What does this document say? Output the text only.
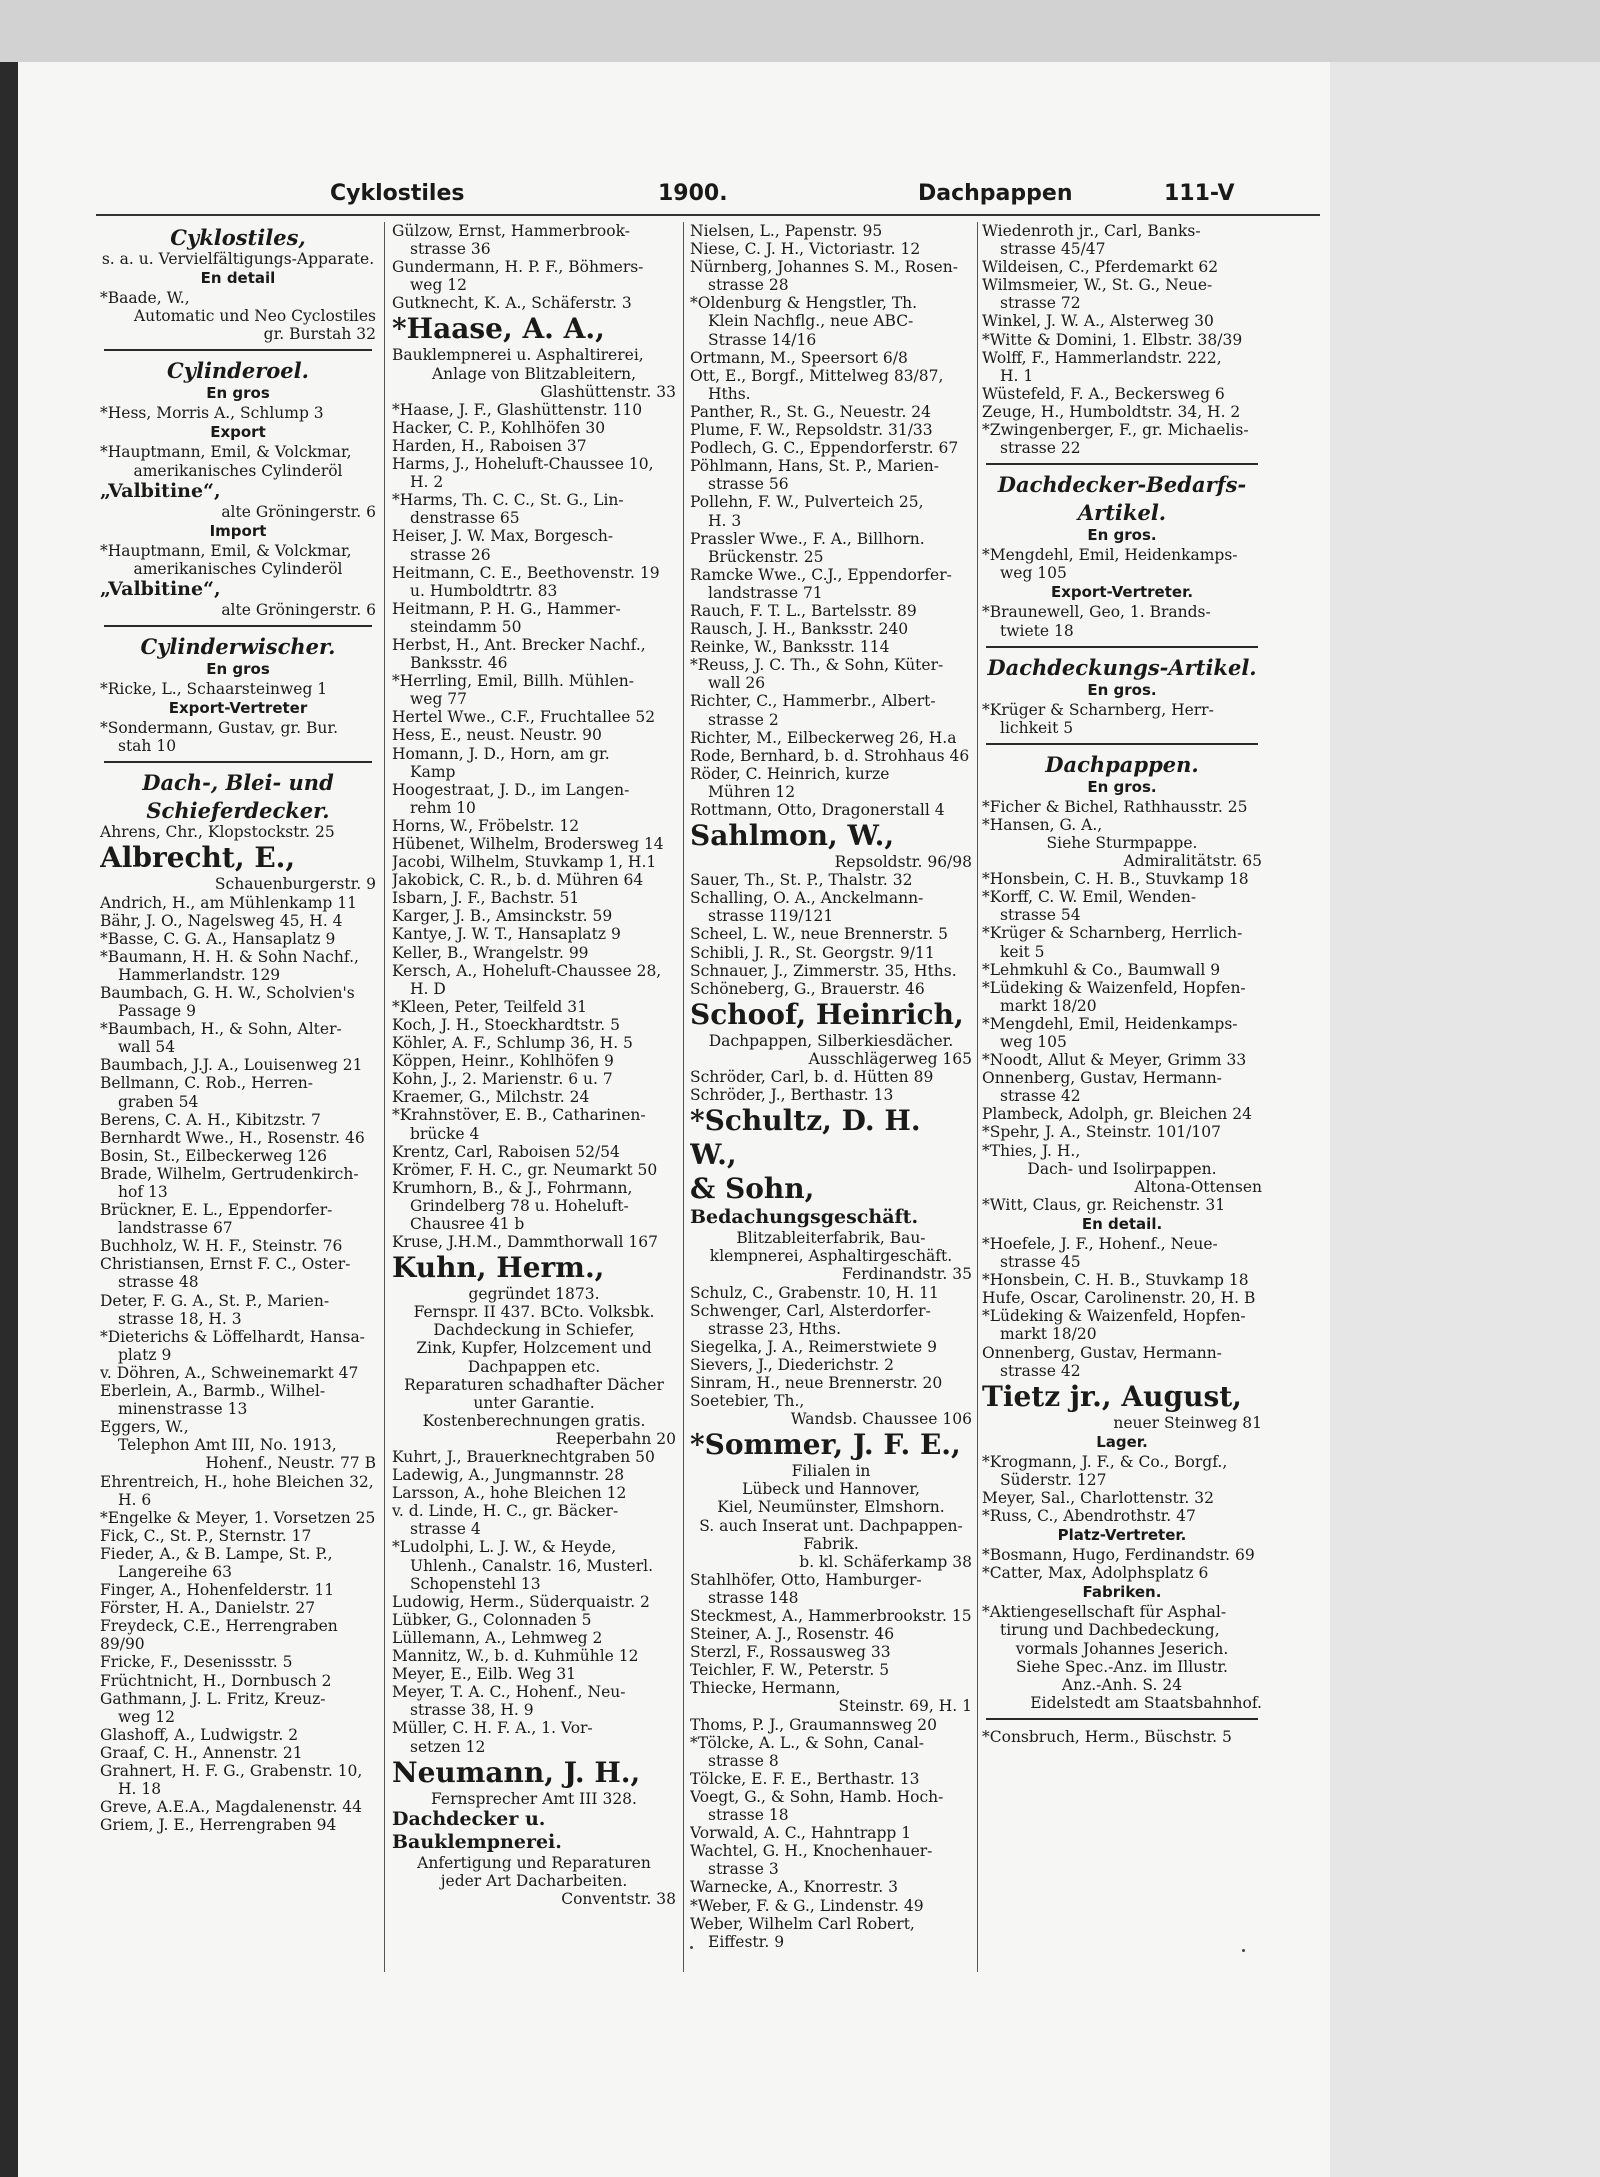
Cyklostiles	1900.	Dachpappen	111-V
Cyklostiles,
s. a. u. Vervielfältigungs-Apparate.
En detail
*Baade, W.,
Automatic und Neo Cyclostiles
gr. Burstah 32
Cylinderoel.
En gros
*Hess, Morris A., Schlump 3
Export
*Hauptmann, Emil, & Volckmar,
amerikanisches Cylinderöl
„Valbitine“,
alte Gröningerstr. 6
Import
*Hauptmann, Emil, & Volckmar,
amerikanisches Cylinderöl
„Valbitine“,
alte Gröningerstr. 6
Cylinderwischer.
En gros
*Ricke, L., Schaarsteinweg 1
Export-Vertreter
*Sondermann, Gustav, gr. Bur.
stah 10
Dach-, Blei- und
Schieferdecker.
Ahrens, Chr., Klopstockstr. 25
Albrecht, E.,
Schauenburgerstr. 9
Andrich, H., am Mühlenkamp 11
Bähr, J. O., Nagelsweg 45, H. 4
*Basse, C. G. A., Hansaplatz 9
*Baumann, H. H. & Sohn Nachf.,
Hammerlandstr. 129
Baumbach, G. H. W., Scholvien's
Passage 9
*Baumbach, H., & Sohn, Alter-
wall 54
Baumbach, J.J. A., Louisenweg 21
Bellmann, C. Rob., Herren-
graben 54
Berens, C. A. H., Kibitzstr. 7
Bernhardt Wwe., H., Rosenstr. 46
Bosin, St., Eilbeckerweg 126
Brade, Wilhelm, Gertrudenkirch-
hof 13
Brückner, E. L., Eppendorfer-
landstrasse 67
Buchholz, W. H. F., Steinstr. 76
Christiansen, Ernst F. C., Oster-
strasse 48
Deter, F. G. A., St. P., Marien-
strasse 18, H. 3
*Dieterichs & Löffelhardt, Hansa-
platz 9
v. Döhren, A., Schweinemarkt 47
Eberlein, A., Barmb., Wilhel-
minenstrasse 13
Eggers, W.,
Telephon Amt III, No. 1913,
Hohenf., Neustr. 77 B
Ehrentreich, H., hohe Bleichen 32,
H. 6
*Engelke & Meyer, 1. Vorsetzen 25
Fick, C., St. P., Sternstr. 17
Fieder, A., & B. Lampe, St. P.,
Langereihe 63
Finger, A., Hohenfelderstr. 11
Förster, H. A., Danielstr. 27
Freydeck, C.E., Herrengraben 89/90
Fricke, F., Desenissstr. 5
Früchtnicht, H., Dornbusch 2
Gathmann, J. L. Fritz, Kreuz-
weg 12
Glashoff, A., Ludwigstr. 2
Graaf, C. H., Annenstr. 21
Grahnert, H. F. G., Grabenstr. 10,
H. 18
Greve, A.E.A., Magdalenenstr. 44
Griem, J. E., Herrengraben 94
Gülzow, Ernst, Hammerbrook-
strasse 36
Gundermann, H. P. F., Böhmers-
weg 12
Gutknecht, K. A., Schäferstr. 3
*Haase, A. A.,
Bauklempnerei u. Asphaltirerei,
Anlage von Blitzableitern,
Glashüttenstr. 33
*Haase, J. F., Glashüttenstr. 110
Hacker, C. P., Kohlhöfen 30
Harden, H., Raboisen 37
Harms, J., Hoheluft-Chaussee 10,
H. 2
*Harms, Th. C. C., St. G., Lin-
denstrasse 65
Heiser, J. W. Max, Borgesch-
strasse 26
Heitmann, C. E., Beethovenstr. 19
u. Humboldtrtr. 83
Heitmann, P. H. G., Hammer-
steindamm 50
Herbst, H., Ant. Brecker Nachf.,
Banksstr. 46
*Herrling, Emil, Billh. Mühlen-
weg 77
Hertel Wwe., C.F., Fruchtallee 52
Hess, E., neust. Neustr. 90
Homann, J. D., Horn, am gr.
Kamp
Hoogestraat, J. D., im Langen-
rehm 10
Horns, W., Fröbelstr. 12
Hübenet, Wilhelm, Brodersweg 14
Jacobi, Wilhelm, Stuvkamp 1, H.1
Jakobick, C. R., b. d. Mühren 64
Isbarn, J. F., Bachstr. 51
Karger, J. B., Amsinckstr. 59
Kantye, J. W. T., Hansaplatz 9
Keller, B., Wrangelstr. 99
Kersch, A., Hoheluft-Chaussee 28,
H. D
*Kleen, Peter, Teilfeld 31
Koch, J. H., Stoeckhardtstr. 5
Köhler, A. F., Schlump 36, H. 5
Köppen, Heinr., Kohlhöfen 9
Kohn, J., 2. Marienstr. 6 u. 7
Kraemer, G., Milchstr. 24
*Krahnstöver, E. B., Catharinen-
brücke 4
Krentz, Carl, Raboisen 52/54
Krömer, F. H. C., gr. Neumarkt 50
Krumhorn, B., & J., Fohrmann,
Grindelberg 78 u. Hoheluft-
Chausree 41 b
Kruse, J.H.M., Dammthorwall 167
Kuhn, Herm.,
gegründet 1873.
Fernspr. II 437. BCto. Volksbk.
Dachdeckung in Schiefer,
Zink, Kupfer, Holzcement und
Dachpappen etc.
Reparaturen schadhafter Dächer
unter Garantie.
Kostenberechnungen gratis.
Reeperbahn 20
Kuhrt, J., Brauerknechtgraben 50
Ladewig, A., Jungmannstr. 28
Larsson, A., hohe Bleichen 12
v. d. Linde, H. C., gr. Bäcker-
strasse 4
*Ludolphi, L. J. W., & Heyde,
Uhlenh., Canalstr. 16, Musterl.
Schopenstehl 13
Ludowig, Herm., Süderquaistr. 2
Lübker, G., Colonnaden 5
Lüllemann, A., Lehmweg 2
Mannitz, W., b. d. Kuhmühle 12
Meyer, E., Eilb. Weg 31
Meyer, T. A. C., Hohenf., Neu-
strasse 38, H. 9
Müller, C. H. F. A., 1. Vor-
setzen 12
Neumann, J. H.,
Fernsprecher Amt III 328.
Dachdecker u.
Bauklempnerei.
Anfertigung und Reparaturen
jeder Art Dacharbeiten.
Conventstr. 38
Nielsen, L., Papenstr. 95
Niese, C. J. H., Victoriastr. 12
Nürnberg, Johannes S. M., Rosen-
strasse 28
*Oldenburg & Hengstler, Th.
Klein Nachflg., neue ABC-
Strasse 14/16
Ortmann, M., Speersort 6/8
Ott, E., Borgf., Mittelweg 83/87,
Hths.
Panther, R., St. G., Neuestr. 24
Plume, F. W., Repsoldstr. 31/33
Podlech, G. C., Eppendorferstr. 67
Pöhlmann, Hans, St. P., Marien-
strasse 56
Pollehn, F. W., Pulverteich 25,
H. 3
Prassler Wwe., F. A., Billhorn.
Brückenstr. 25
Ramcke Wwe., C.J., Eppendorfer-
landstrasse 71
Rauch, F. T. L., Bartelsstr. 89
Rausch, J. H., Banksstr. 240
Reinke, W., Banksstr. 114
*Reuss, J. C. Th., & Sohn, Küter-
wall 26
Richter, C., Hammerbr., Albert-
strasse 2
Richter, M., Eilbeckerweg 26, H.a
Rode, Bernhard, b. d. Strohhaus 46
Röder, C. Heinrich, kurze
Mühren 12
Rottmann, Otto, Dragonerstall 4
Sahlmon, W.,
Repsoldstr. 96/98
Sauer, Th., St. P., Thalstr. 32
Schalling, O. A., Anckelmann-
strasse 119/121
Scheel, L. W., neue Brennerstr. 5
Schibli, J. R., St. Georgstr. 9/11
Schnauer, J., Zimmerstr. 35, Hths.
Schöneberg, G., Brauerstr. 46
Schoof, Heinrich,
Dachpappen, Silberkiesdächer.
Ausschlägerweg 165
Schröder, Carl, b. d. Hütten 89
Schröder, J., Berthastr. 13
*Schultz, D. H. W.,
& Sohn,
Bedachungsgeschäft.
Blitzableiterfabrik, Bau-
klempnerei, Asphaltirgeschäft.
Ferdinandstr. 35
Schulz, C., Grabenstr. 10, H. 11
Schwenger, Carl, Alsterdorfer-
strasse 23, Hths.
Siegelka, J. A., Reimerstwiete 9
Sievers, J., Diederichstr. 2
Sinram, H., neue Brennerstr. 20
Soetebier, Th.,
Wandsb. Chaussee 106
*Sommer, J. F. E.,
Filialen in
Lübeck und Hannover,
Kiel, Neumünster, Elmshorn.
S. auch Inserat unt. Dachpappen-
Fabrik.
b. kl. Schäferkamp 38
Stahlhöfer, Otto, Hamburger-
strasse 148
Steckmest, A., Hammerbrookstr. 15
Steiner, A. J., Rosenstr. 46
Sterzl, F., Rossausweg 33
Teichler, F. W., Peterstr. 5
Thiecke, Hermann,
Steinstr. 69, H. 1
Thoms, P. J., Graumannsweg 20
*Tölcke, A. L., & Sohn, Canal-
strasse 8
Tölcke, E. F. E., Berthastr. 13
Voegt, G., & Sohn, Hamb. Hoch-
strasse 18
Vorwald, A. C., Hahntrapp 1
Wachtel, G. H., Knochenhauer-
strasse 3
Warnecke, A., Knorrestr. 3
*Weber, F. & G., Lindenstr. 49
Weber, Wilhelm Carl Robert,
Eiffestr. 9
Wiedenroth jr., Carl, Banks-
strasse 45/47
Wildeisen, C., Pferdemarkt 62
Wilmsmeier, W., St. G., Neue-
strasse 72
Winkel, J. W. A., Alsterweg 30
*Witte & Domini, 1. Elbstr. 38/39
Wolff, F., Hammerlandstr. 222,
H. 1
Wüstefeld, F. A., Beckersweg 6
Zeuge, H., Humboldtstr. 34, H. 2
*Zwingenberger, F., gr. Michaelis-
strasse 22
Dachdecker-Bedarfs-
Artikel.
En gros.
*Mengdehl, Emil, Heidenkamps-
weg 105
Export-Vertreter.
*Braunewell, Geo, 1. Brands-
twiete 18
Dachdeckungs-Artikel.
En gros.
*Krüger & Scharnberg, Herr-
lichkeit 5
Dachpappen.
En gros.
*Ficher & Bichel, Rathhausstr. 25
*Hansen, G. A.,
Siehe Sturmpappe.
Admiralitätstr. 65
*Honsbein, C. H. B., Stuvkamp 18
*Korff, C. W. Emil, Wenden-
strasse 54
*Krüger & Scharnberg, Herrlich-
keit 5
*Lehmkuhl & Co., Baumwall 9
*Lüdeking & Waizenfeld, Hopfen-
markt 18/20
*Mengdehl, Emil, Heidenkamps-
weg 105
*Noodt, Allut & Meyer, Grimm 33
Onnenberg, Gustav, Hermann-
strasse 42
Plambeck, Adolph, gr. Bleichen 24
*Spehr, J. A., Steinstr. 101/107
*Thies, J. H.,
Dach- und Isolirpappen.
Altona-Ottensen
*Witt, Claus, gr. Reichenstr. 31
En detail.
*Hoefele, J. F., Hohenf., Neue-
strasse 45
*Honsbein, C. H. B., Stuvkamp 18
Hufe, Oscar, Carolinenstr. 20, H. B
*Lüdeking & Waizenfeld, Hopfen-
markt 18/20
Onnenberg, Gustav, Hermann-
strasse 42
Tietz jr., August,
neuer Steinweg 81
Lager.
*Krogmann, J. F., & Co., Borgf.,
Süderstr. 127
Meyer, Sal., Charlottenstr. 32
*Russ, C., Abendrothstr. 47
Platz-Vertreter.
*Bosmann, Hugo, Ferdinandstr. 69
*Catter, Max, Adolphsplatz 6
Fabriken.
*Aktiengesellschaft für Asphal-
tirung und Dachbedeckung,
vormals Johannes Jeserich.
Siehe Spec.-Anz. im Illustr.
Anz.-Anh. S. 24
Eidelstedt am Staatsbahnhof.
*Consbruch, Herm., Büschstr. 5
